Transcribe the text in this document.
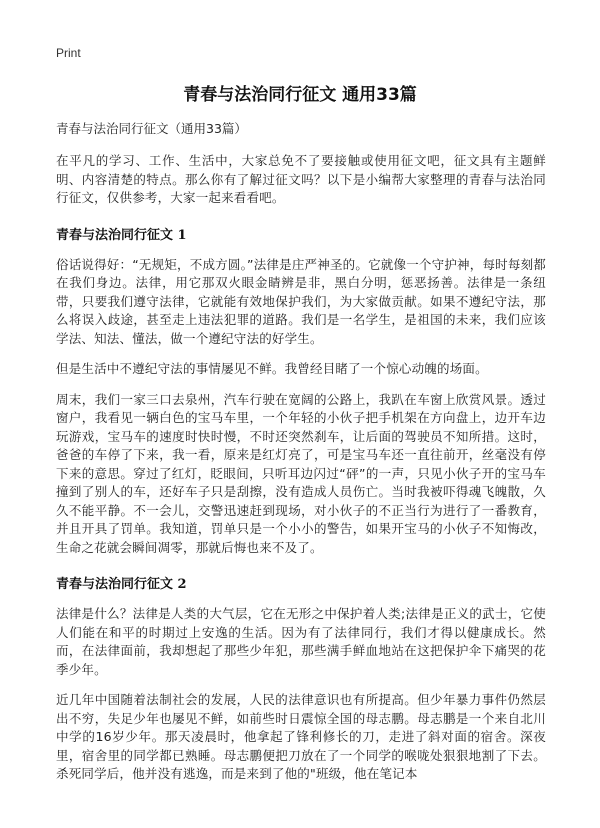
Print
青春与法治同行征文 通用33篇

青春与法治同行征文（通用33篇）

在平凡的学习、工作、生活中，大家总免不了要接触或使用征文吧，征文具有主题鲜明、内容清楚的特点。那么你有了解过征文吗？以下是小编帮大家整理的青春与法治同行征文，仅供参考，大家一起来看看吧。

青春与法治同行征文 1

俗话说得好：“无规矩，不成方圆。”法律是庄严神圣的。它就像一个守护神，每时每刻都在我们身边。法律，用它那双火眼金睛辨是非，黑白分明，惩恶扬善。法律是一条纽带，只要我们遵守法律，它就能有效地保护我们，为大家做贡献。如果不遵纪守法，那么将误入歧途，甚至走上违法犯罪的道路。我们是一名学生，是祖国的未来，我们应该学法、知法、懂法，做一个遵纪守法的好学生。

但是生活中不遵纪守法的事情屡见不鲜。我曾经目睹了一个惊心动魄的场面。

周末，我们一家三口去泉州，汽车行驶在宽阔的公路上，我趴在车窗上欣赏风景。透过窗户，我看见一辆白色的宝马车里，一个年轻的小伙子把手机架在方向盘上，边开车边玩游戏，宝马车的速度时快时慢，不时还突然刹车，让后面的驾驶员不知所措。这时，爸爸的车停了下来，我一看，原来是红灯亮了，可是宝马车还一直往前开，丝毫没有停下来的意思。穿过了红灯，眨眼间，只听耳边闪过“砰”的一声，只见小伙子开的宝马车撞到了别人的车，还好车子只是刮擦，没有造成人员伤亡。当时我被吓得魂飞魄散，久久不能平静。不一会儿，交警迅速赶到现场，对小伙子的不正当行为进行了一番教育，并且开具了罚单。我知道，罚单只是一个小小的警告，如果开宝马的小伙子不知悔改，生命之花就会瞬间凋零，那就后悔也来不及了。

青春与法治同行征文 2

法律是什么？法律是人类的大气层，它在无形之中保护着人类;法律是正义的武士，它使人们能在和平的时期过上安逸的生活。因为有了法律同行，我们才得以健康成长。然而，在法律面前，我却想起了那些少年犯，那些满手鲜血地站在这把保护伞下痛哭的花季少年。

近几年中国随着法制社会的发展，人民的法律意识也有所提高。但少年暴力事件仍然层出不穷，失足少年也屡见不鲜，如前些时日震惊全国的母志鹏。母志鹏是一个来自北川中学的16岁少年。那天凌晨时，他拿起了锋利修长的刀，走进了斜对面的宿舍。深夜里，宿舍里的同学都已熟睡。母志鹏便把刀放在了一个同学的喉咙处狠狠地割了下去。杀死同学后，他并没有逃逸，而是来到了他的"班级，他在笔记本
